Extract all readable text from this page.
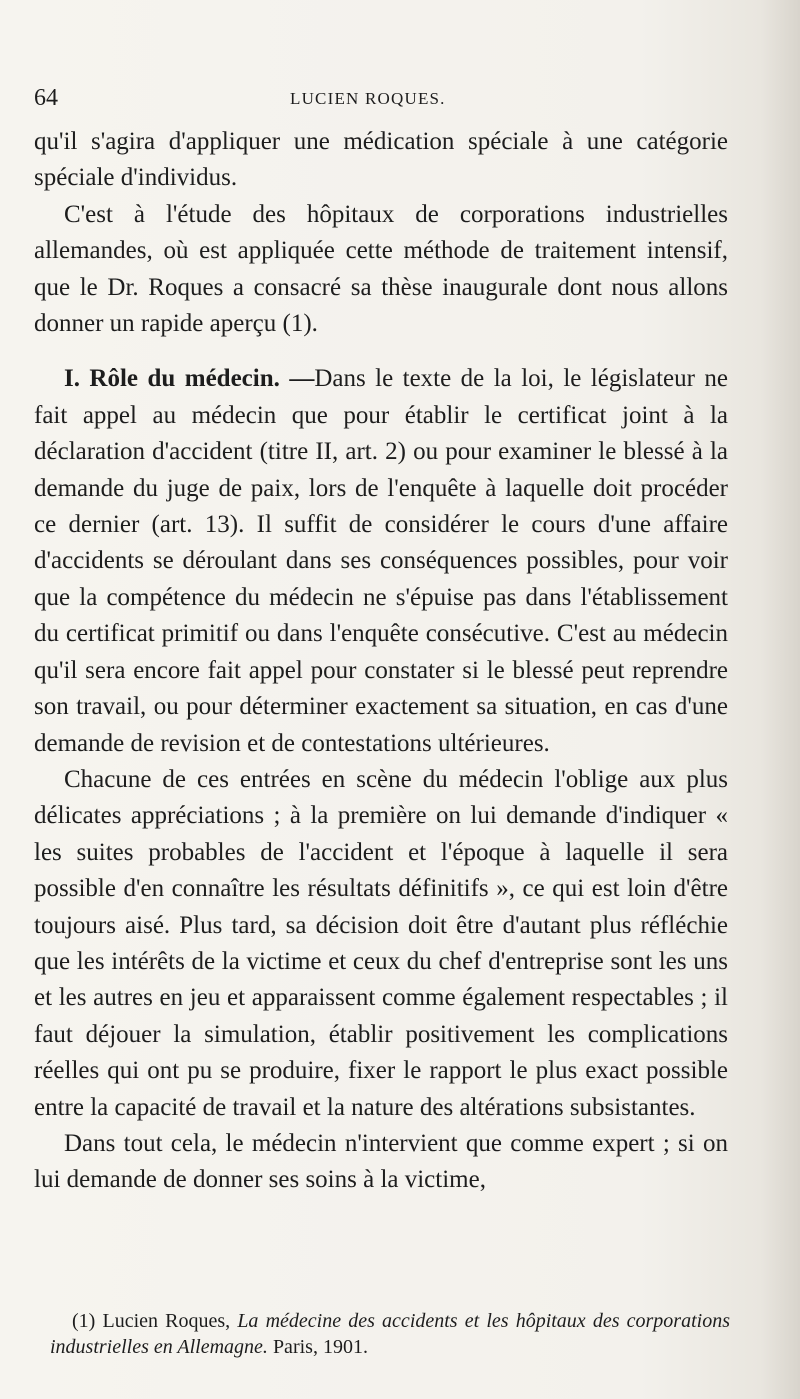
64	LUCIEN ROQUES.

qu'il s'agira d'appliquer une médication spéciale à une catégorie spéciale d'individus.

C'est à l'étude des hôpitaux de corporations industrielles allemandes, où est appliquée cette méthode de traitement intensif, que le Dr. Roques a consacré sa thèse inaugurale dont nous allons donner un rapide aperçu (1).

I. Rôle du médecin. —Dans le texte de la loi, le législateur ne fait appel au médecin que pour établir le certificat joint à la déclaration d'accident (titre II, art. 2) ou pour examiner le blessé à la demande du juge de paix, lors de l'enquête à laquelle doit procéder ce dernier (art. 13). Il suffit de considérer le cours d'une affaire d'accidents se déroulant dans ses conséquences possibles, pour voir que la compétence du médecin ne s'épuise pas dans l'établissement du certificat primitif ou dans l'enquête consécutive. C'est au médecin qu'il sera encore fait appel pour constater si le blessé peut reprendre son travail, ou pour déterminer exactement sa situation, en cas d'une demande de revision et de contestations ultérieures.

Chacune de ces entrées en scène du médecin l'oblige aux plus délicates appréciations ; à la première on lui demande d'indiquer « les suites probables de l'accident et l'époque à laquelle il sera possible d'en connaître les résultats définitifs », ce qui est loin d'être toujours aisé. Plus tard, sa décision doit être d'autant plus réfléchie que les intérêts de la victime et ceux du chef d'entreprise sont les uns et les autres en jeu et apparaissent comme également respectables ; il faut déjouer la simulation, établir positivement les complications réelles qui ont pu se produire, fixer le rapport le plus exact possible entre la capacité de travail et la nature des altérations subsistantes.

Dans tout cela, le médecin n'intervient que comme expert ; si on lui demande de donner ses soins à la victime,

(1) Lucien Roques, La médecine des accidents et les hôpitaux des corporations industrielles en Allemagne. Paris, 1901.
